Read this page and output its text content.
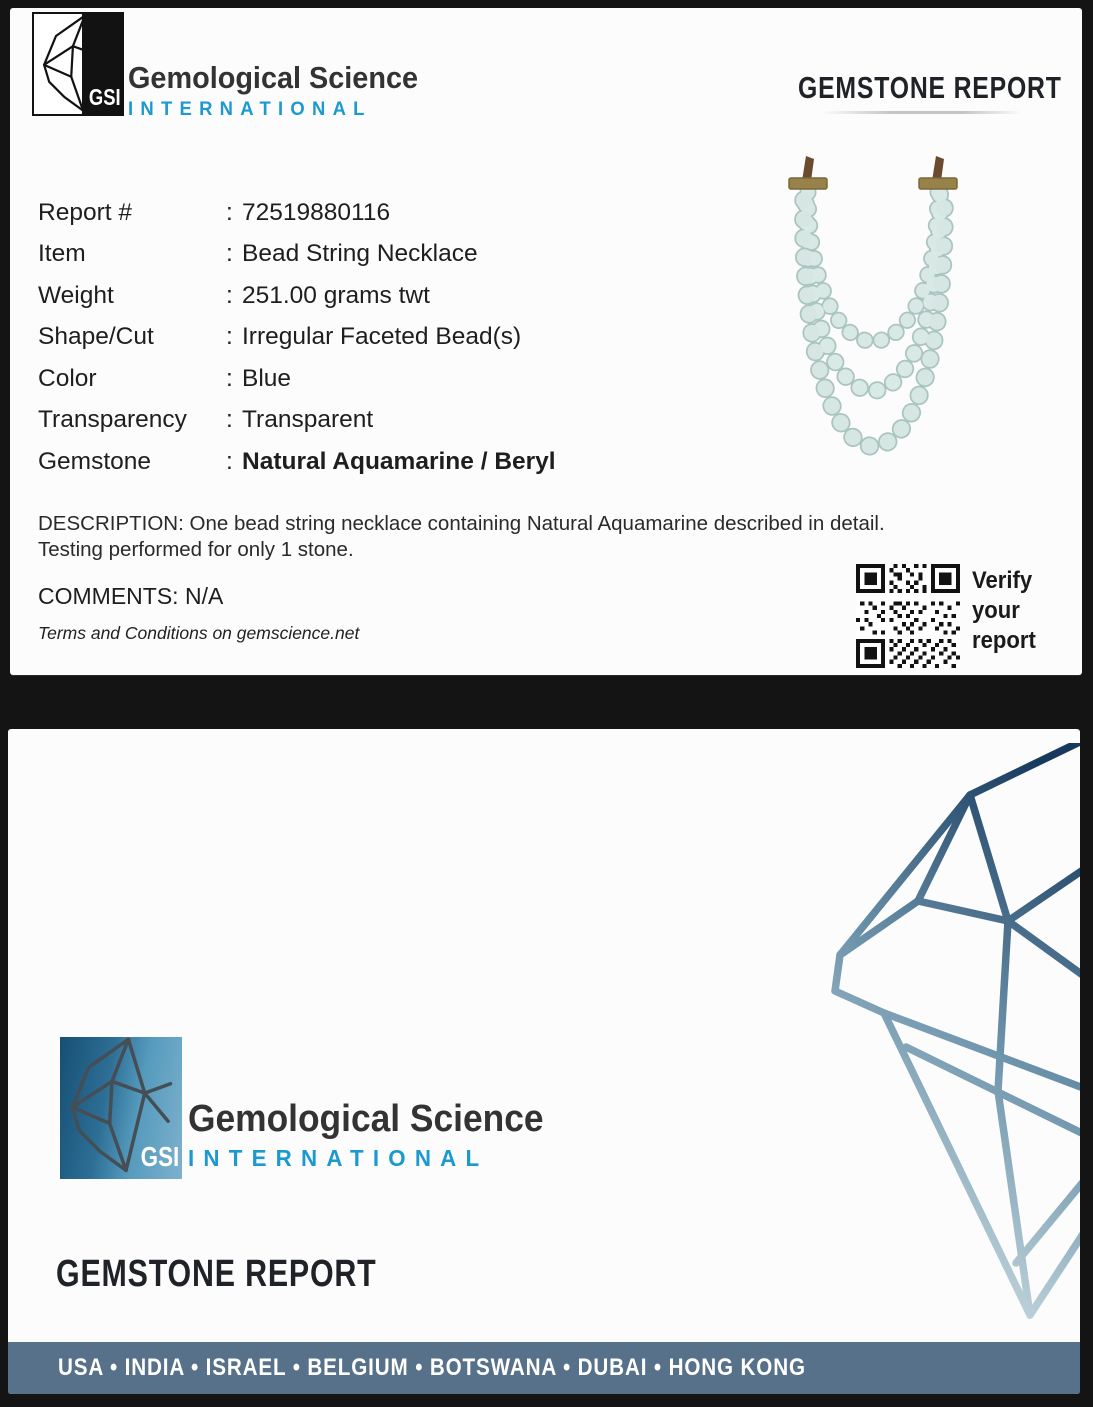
GSI
Gemological Science
INTERNATIONAL
GEMSTONE REPORT
Report #	: 72519880116
Item	: Bead String Necklace
Weight	: 251.00 grams twt
Shape/Cut	: Irregular Faceted Bead(s)
Color	: Blue
Transparency	: Transparent
Gemstone	: Natural Aquamarine / Beryl
DESCRIPTION: One bead string necklace containing Natural Aquamarine described in detail. Testing performed for only 1 stone.
COMMENTS: N/A
Terms and Conditions on gemscience.net
Verify
your
report
GSI
Gemological Science
INTERNATIONAL
GEMSTONE REPORT
USA • INDIA • ISRAEL • BELGIUM • BOTSWANA • DUBAI • HONG KONG
